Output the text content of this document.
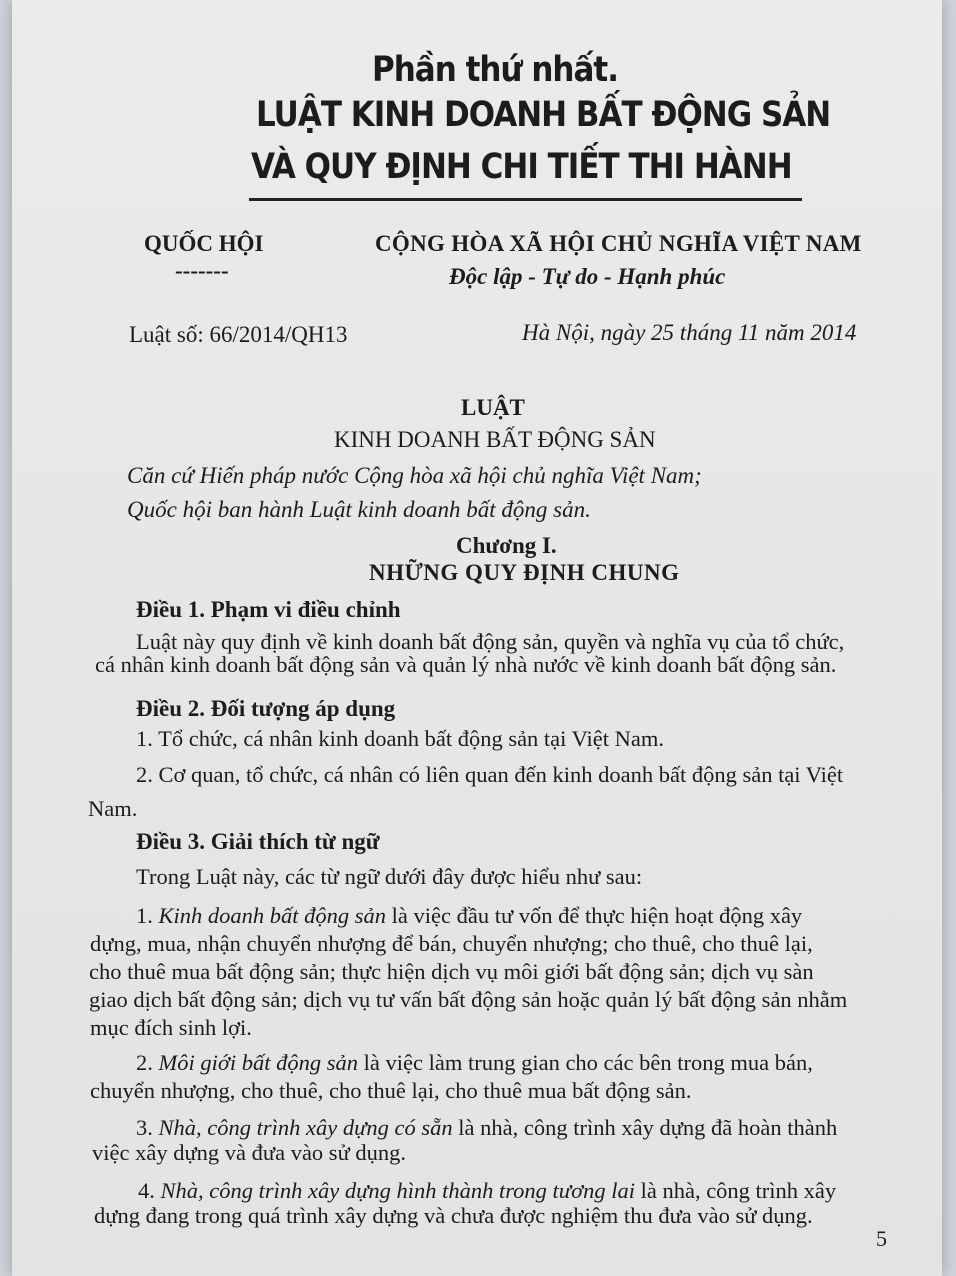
Phần thứ nhất.
LUẬT KINH DOANH BẤT ĐỘNG SẢN
VÀ QUY ĐỊNH CHI TIẾT THI HÀNH
QUỐC HỘI
-------
CỘNG HÒA XÃ HỘI CHỦ NGHĨA VIỆT NAM
Độc lập - Tự do - Hạnh phúc
Luật số: 66/2014/QH13	Hà Nội, ngày 25 tháng 11 năm 2014
LUẬT
KINH DOANH BẤT ĐỘNG SẢN
Căn cứ Hiến pháp nước Cộng hòa xã hội chủ nghĩa Việt Nam;
Quốc hội ban hành Luật kinh doanh bất động sản.
Chương I.
NHỮNG QUY ĐỊNH CHUNG
Điều 1. Phạm vi điều chỉnh
Luật này quy định về kinh doanh bất động sản, quyền và nghĩa vụ của tổ chức,
cá nhân kinh doanh bất động sản và quản lý nhà nước về kinh doanh bất động sản.
Điều 2. Đối tượng áp dụng
1. Tổ chức, cá nhân kinh doanh bất động sản tại Việt Nam.
2. Cơ quan, tổ chức, cá nhân có liên quan đến kinh doanh bất động sản tại Việt
Nam.
Điều 3. Giải thích từ ngữ
Trong Luật này, các từ ngữ dưới đây được hiểu như sau:
1. Kinh doanh bất động sản là việc đầu tư vốn để thực hiện hoạt động xây
dựng, mua, nhận chuyển nhượng để bán, chuyển nhượng; cho thuê, cho thuê lại,
cho thuê mua bất động sản; thực hiện dịch vụ môi giới bất động sản; dịch vụ sàn
giao dịch bất động sản; dịch vụ tư vấn bất động sản hoặc quản lý bất động sản nhằm
mục đích sinh lợi.
2. Môi giới bất động sản là việc làm trung gian cho các bên trong mua bán,
chuyển nhượng, cho thuê, cho thuê lại, cho thuê mua bất động sản.
3. Nhà, công trình xây dựng có sẵn là nhà, công trình xây dựng đã hoàn thành
việc xây dựng và đưa vào sử dụng.
4. Nhà, công trình xây dựng hình thành trong tương lai là nhà, công trình xây
dựng đang trong quá trình xây dựng và chưa được nghiệm thu đưa vào sử dụng.
5
